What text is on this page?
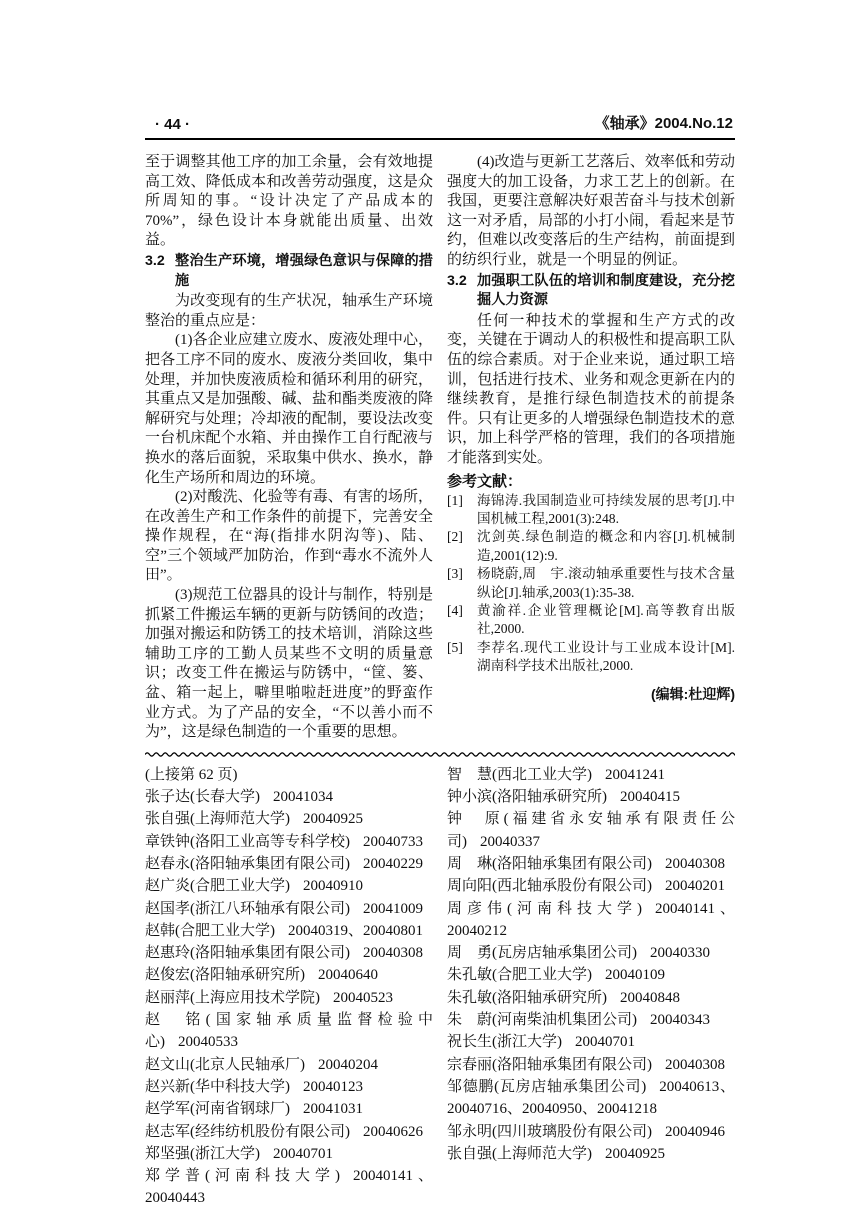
· 44 ·	《轴承》2004.No.12
至于调整其他工序的加工余量，会有效地提高工效、降低成本和改善劳动强度，这是众所周知的事。“设计决定了产品成本的 70%”，绿色设计本身就能出质量、出效益。
3.2 整治生产环境，增强绿色意识与保障的措施
为改变现有的生产状况，轴承生产环境整治的重点应是：
(1)各企业应建立废水、废液处理中心，把各工序不同的废水、废液分类回收，集中处理，并加快废液质检和循环利用的研究，其重点又是加强酸、碱、盐和酯类废液的降解研究与处理；冷却液的配制，要设法改变一台机床配个水箱、并由操作工自行配液与换水的落后面貌，采取集中供水、换水，静化生产场所和周边的环境。
(2)对酸洗、化验等有毒、有害的场所，在改善生产和工作条件的前提下，完善安全操作规程，在“海(指排水阴沟等)、陆、空”三个领域严加防治，作到“毒水不流外人田”。
(3)规范工位器具的设计与制作，特别是抓紧工件搬运车辆的更新与防锈间的改造；加强对搬运和防锈工的技术培训，消除这些辅助工序的工勤人员某些不文明的质量意识；改变工件在搬运与防锈中，“筐、篓、盆、箱一起上，噼里啪啦赶进度”的野蛮作业方式。为了产品的安全，“不以善小而不为”，这是绿色制造的一个重要的思想。
(4)改造与更新工艺落后、效率低和劳动强度大的加工设备，力求工艺上的创新。在我国，更要注意解决好艰苦奋斗与技术创新这一对矛盾，局部的小打小闹，看起来是节约，但难以改变落后的生产结构，前面提到的纺织行业，就是一个明显的例证。
3.2 加强职工队伍的培训和制度建设，充分挖掘人力资源
任何一种技术的掌握和生产方式的改变，关键在于调动人的积极性和提高职工队伍的综合素质。对于企业来说，通过职工培训，包括进行技术、业务和观念更新在内的继续教育，是推行绿色制造技术的前提条件。只有让更多的人增强绿色制造技术的意识，加上科学严格的管理，我们的各项措施才能落到实处。
参考文献：
[1]	海锦涛.我国制造业可持续发展的思考[J].中国机械工程,2001(3):248.
[2]	沈剑英.绿色制造的概念和内容[J].机械制造,2001(12):9.
[3]	杨晓蔚,周　宇.滚动轴承重要性与技术含量纵论[J].轴承,2003(1):35-38.
[4]	黄渝祥.企业管理概论[M].高等教育出版社,2000.
[5]	李荐名.现代工业设计与工业成本设计[M].湖南科学技术出版社,2000.
(编辑:杜迎辉)
(上接第 62 页)
张子达(长春大学) 20041034
张自强(上海师范大学) 20040925
章铁钟(洛阳工业高等专科学校) 20040733
赵春永(洛阳轴承集团有限公司) 20040229
赵广炎(合肥工业大学) 20040910
赵国孝(浙江八环轴承有限公司) 20041009
赵韩(合肥工业大学) 20040319、20040801
赵惠玲(洛阳轴承集团有限公司) 20040308
赵俊宏(洛阳轴承研究所) 20040640
赵丽萍(上海应用技术学院) 20040523
赵　铭(国家轴承质量监督检验中心) 20040533
赵文山(北京人民轴承厂) 20040204
赵兴新(华中科技大学) 20040123
赵学军(河南省钢球厂) 20041031
赵志军(经纬纺机股份有限公司) 20040626
郑坚强(浙江大学) 20040701
郑学普(河南科技大学) 20040141、20040443
智　慧(西北工业大学) 20041241
钟小滨(洛阳轴承研究所) 20040415
钟　原(福建省永安轴承有限责任公司) 20040337
周　琳(洛阳轴承集团有限公司) 20040308
周向阳(西北轴承股份有限公司) 20040201
周彦伟(河南科技大学) 20040141、20040212
周　勇(瓦房店轴承集团公司) 20040330
朱孔敏(合肥工业大学) 20040109
朱孔敏(洛阳轴承研究所) 20040848
朱　蔚(河南柴油机集团公司) 20040343
祝长生(浙江大学) 20040701
宗春丽(洛阳轴承集团有限公司) 20040308
邹德鹏(瓦房店轴承集团公司) 20040613、20040716、20040950、20041218
邹永明(四川玻璃股份有限公司) 20040946
张自强(上海师范大学) 20040925
